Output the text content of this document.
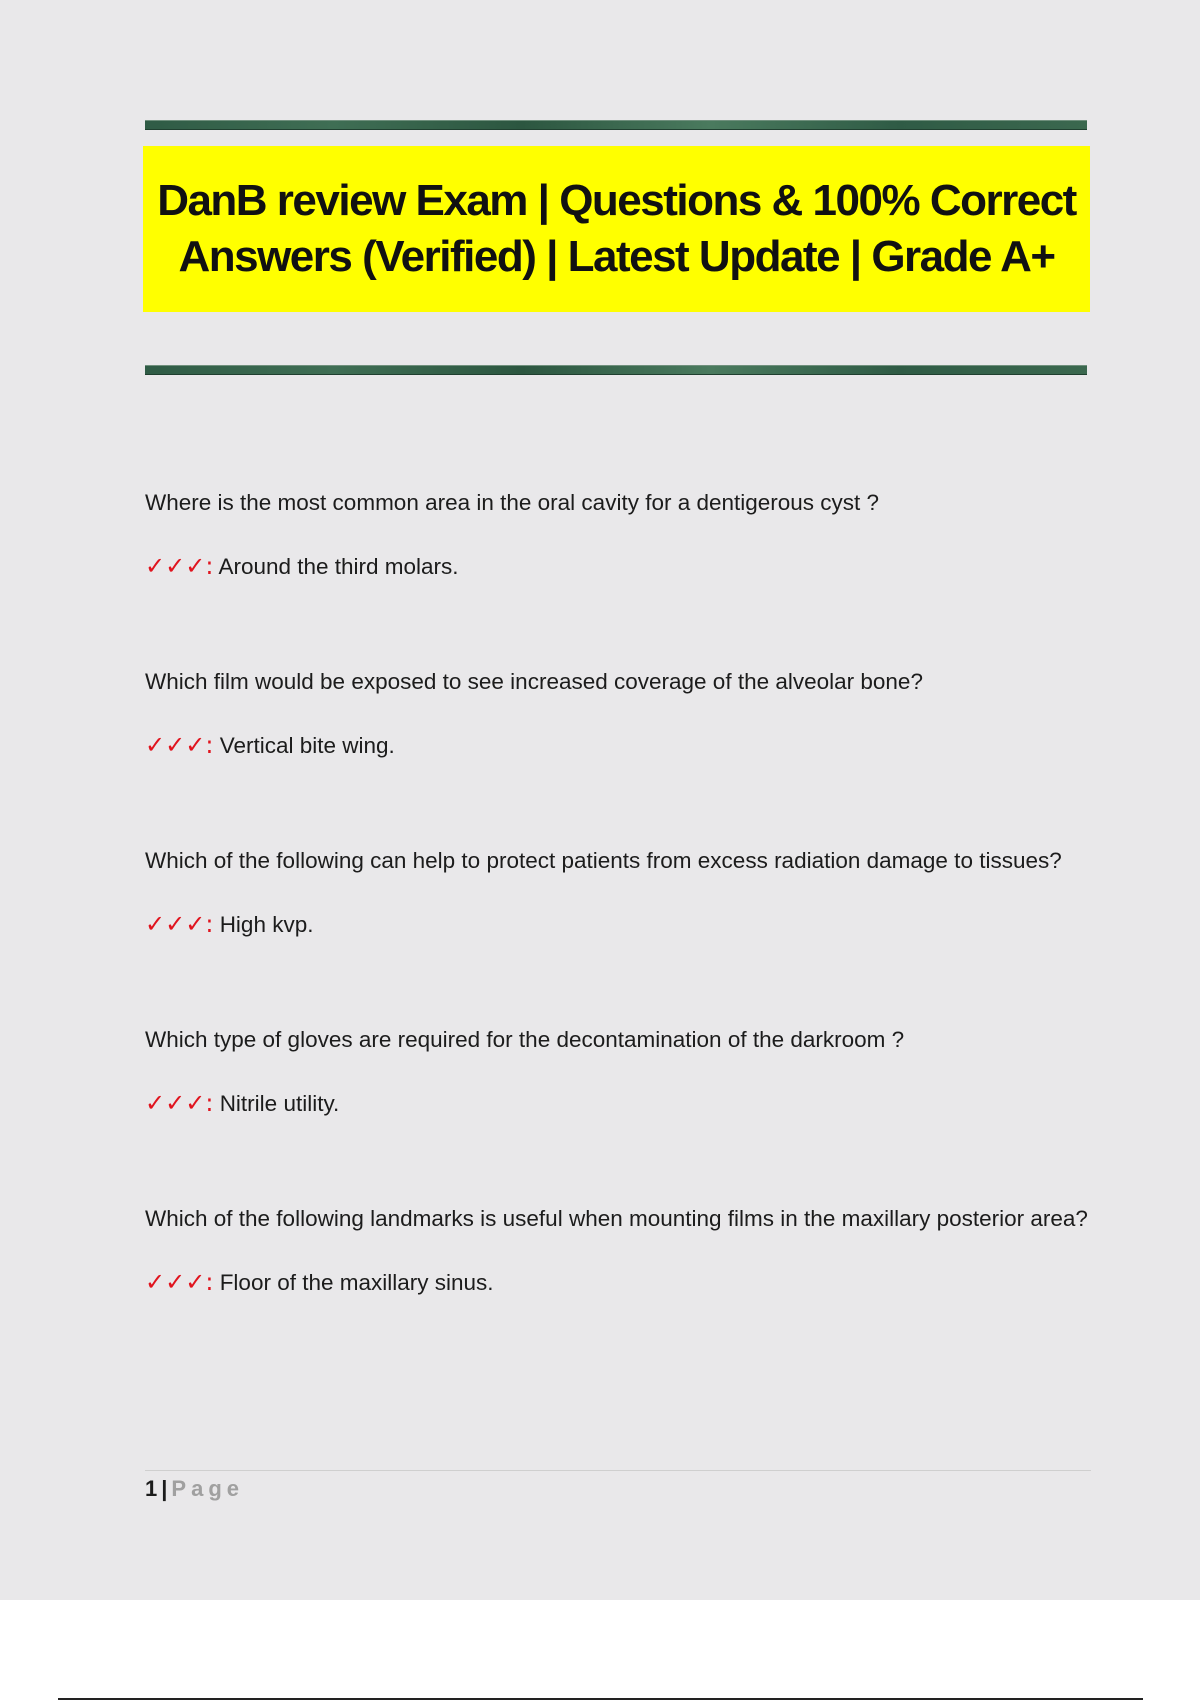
DanB review Exam | Questions & 100% Correct Answers (Verified) | Latest Update | Grade A+

Where is the most common area in the oral cavity for a dentigerous cyst ?

✓✓✓: Around the third molars.

Which film would be exposed to see increased coverage of the alveolar bone?

✓✓✓: Vertical bite wing.

Which of the following can help to protect patients from excess radiation damage to tissues?

✓✓✓: High kvp.

Which type of gloves are required for the decontamination of the darkroom ?

✓✓✓: Nitrile utility.

Which of the following landmarks is useful when mounting films in the maxillary posterior area?

✓✓✓: Floor of the maxillary sinus.

1 | Page
